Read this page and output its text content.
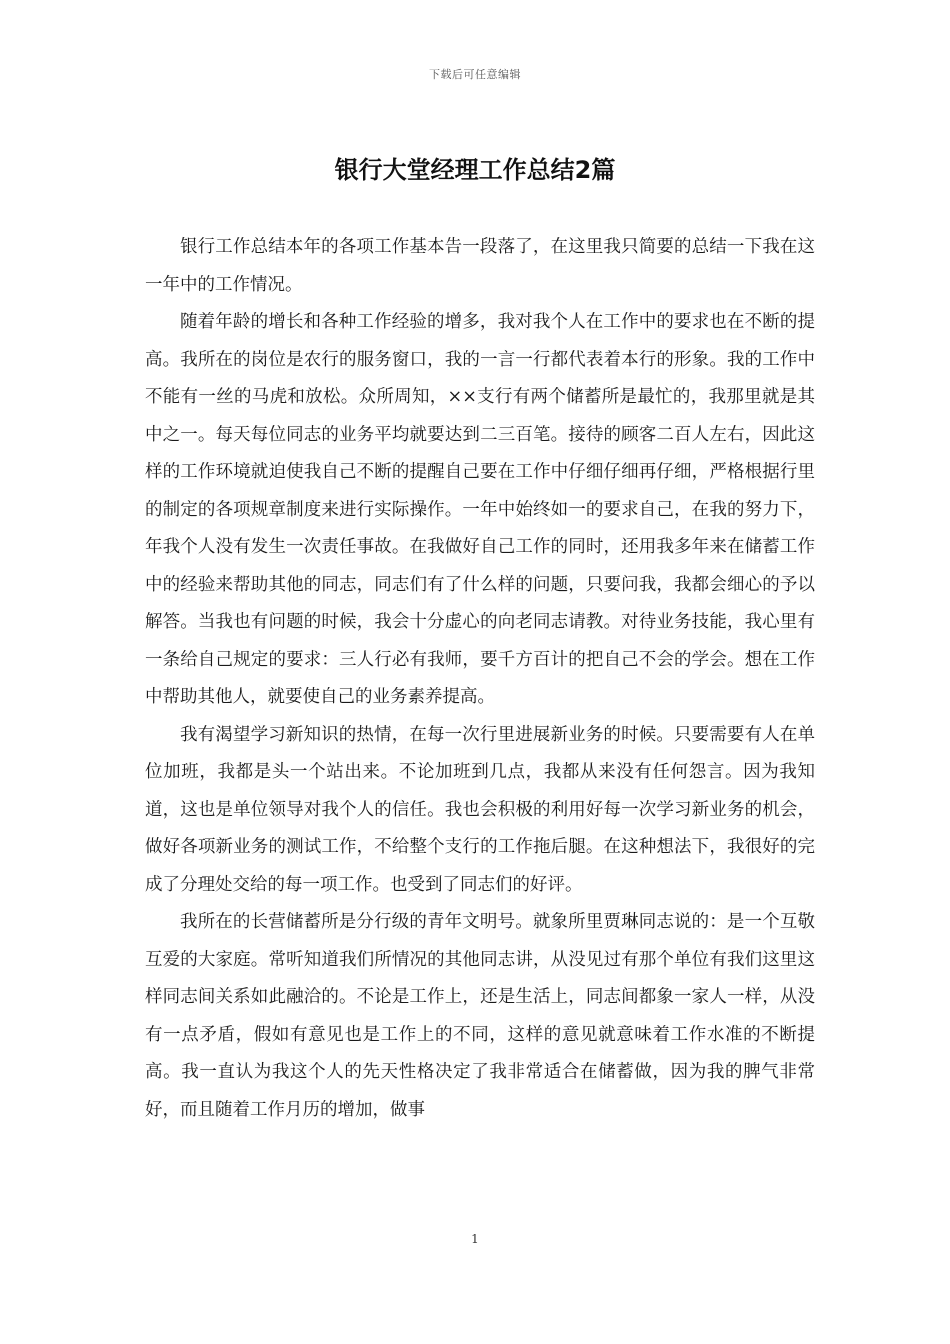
下载后可任意编辑
银行大堂经理工作总结2篇

银行工作总结本年的各项工作基本告一段落了，在这里我只简要的总结一下我在这一年中的工作情况。

随着年龄的增长和各种工作经验的增多，我对我个人在工作中的要求也在不断的提高。我所在的岗位是农行的服务窗口，我的一言一行都代表着本行的形象。我的工作中不能有一丝的马虎和放松。众所周知，××支行有两个储蓄所是最忙的，我那里就是其中之一。每天每位同志的业务平均就要达到二三百笔。接待的顾客二百人左右，因此这样的工作环境就迫使我自己不断的提醒自己要在工作中仔细仔细再仔细，严格根据行里的制定的各项规章制度来进行实际操作。一年中始终如一的要求自己，在我的努力下，年我个人没有发生一次责任事故。在我做好自己工作的同时，还用我多年来在储蓄工作中的经验来帮助其他的同志，同志们有了什么样的问题，只要问我，我都会细心的予以解答。当我也有问题的时候，我会十分虚心的向老同志请教。对待业务技能，我心里有一条给自己规定的要求：三人行必有我师，要千方百计的把自己不会的学会。想在工作中帮助其他人，就要使自己的业务素养提高。

我有渴望学习新知识的热情，在每一次行里进展新业务的时候。只要需要有人在单位加班，我都是头一个站出来。不论加班到几点，我都从来没有任何怨言。因为我知道，这也是单位领导对我个人的信任。我也会积极的利用好每一次学习新业务的机会，做好各项新业务的测试工作，不给整个支行的工作拖后腿。在这种想法下，我很好的完成了分理处交给的每一项工作。也受到了同志们的好评。

我所在的长营储蓄所是分行级的青年文明号。就象所里贾琳同志说的：是一个互敬互爱的大家庭。常听知道我们所情况的其他同志讲，从没见过有那个单位有我们这里这样同志间关系如此融洽的。不论是工作上，还是生活上，同志间都象一家人一样，从没有一点矛盾，假如有意见也是工作上的不同，这样的意见就意味着工作水准的不断提高。我一直认为我这个人的先天性格决定了我非常适合在储蓄做，因为我的脾气非常好，而且随着工作月历的增加，做事

1
